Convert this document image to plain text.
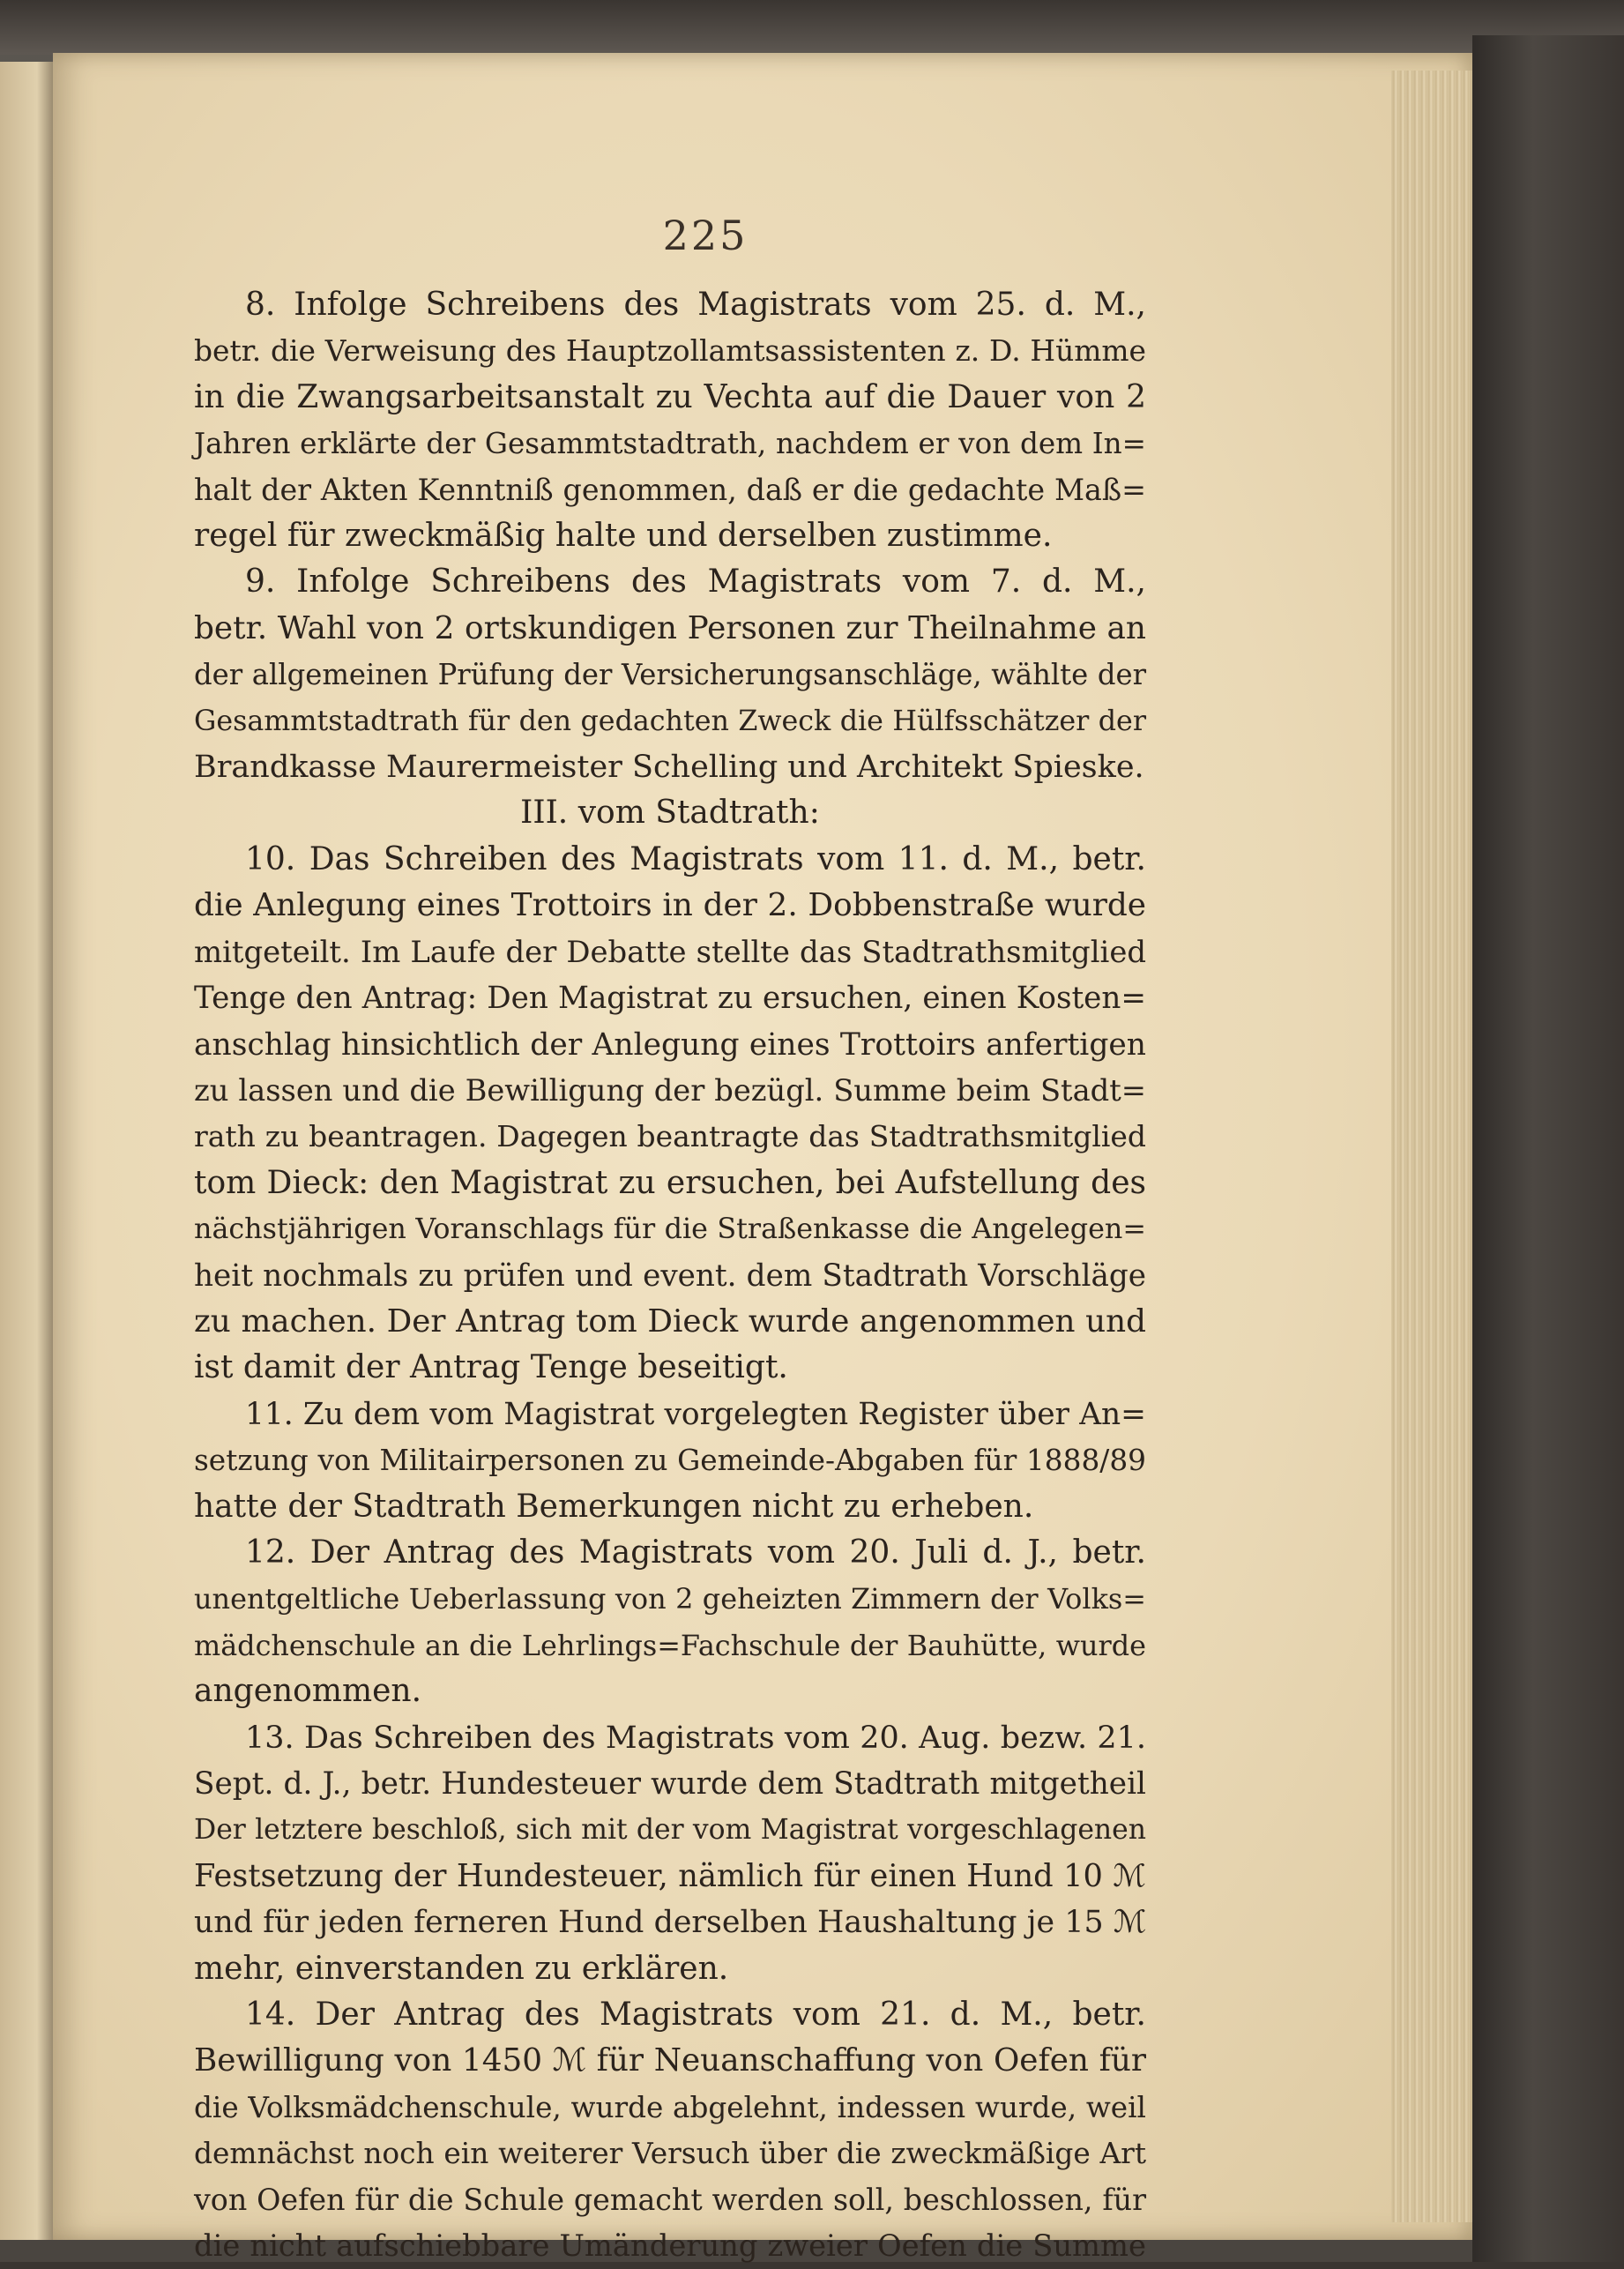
225
8. Infolge Schreibens des Magistrats vom 25. d. M.,
betr. die Verweisung des Hauptzollamtsassistenten z. D. Hümme
in die Zwangsarbeitsanstalt zu Vechta auf die Dauer von 2
Jahren erklärte der Gesammtstadtrath, nachdem er von dem In=
halt der Akten Kenntniß genommen, daß er die gedachte Maß=
regel für zweckmäßig halte und derselben zustimme.
9. Infolge Schreibens des Magistrats vom 7. d. M.,
betr. Wahl von 2 ortskundigen Personen zur Theilnahme an
der allgemeinen Prüfung der Versicherungsanschläge, wählte der
Gesammtstadtrath für den gedachten Zweck die Hülfsschätzer der
Brandkasse Maurermeister Schelling und Architekt Spieske.
III. vom Stadtrath:
10. Das Schreiben des Magistrats vom 11. d. M., betr.
die Anlegung eines Trottoirs in der 2. Dobbenstraße wurde
mitgeteilt. Im Laufe der Debatte stellte das Stadtrathsmitglied
Tenge den Antrag: Den Magistrat zu ersuchen, einen Kosten=
anschlag hinsichtlich der Anlegung eines Trottoirs anfertigen
zu lassen und die Bewilligung der bezügl. Summe beim Stadt=
rath zu beantragen. Dagegen beantragte das Stadtrathsmitglied
tom Dieck: den Magistrat zu ersuchen, bei Aufstellung des
nächstjährigen Voranschlags für die Straßenkasse die Angelegen=
heit nochmals zu prüfen und event. dem Stadtrath Vorschläge
zu machen. Der Antrag tom Dieck wurde angenommen und
ist damit der Antrag Tenge beseitigt.
11. Zu dem vom Magistrat vorgelegten Register über An=
setzung von Militairpersonen zu Gemeinde-Abgaben für 1888/89
hatte der Stadtrath Bemerkungen nicht zu erheben.
12. Der Antrag des Magistrats vom 20. Juli d. J., betr.
unentgeltliche Ueberlassung von 2 geheizten Zimmern der Volks=
mädchenschule an die Lehrlings=Fachschule der Bauhütte, wurde
angenommen.
13. Das Schreiben des Magistrats vom 20. Aug. bezw. 21.
Sept. d. J., betr. Hundesteuer wurde dem Stadtrath mitgetheil
Der letztere beschloß, sich mit der vom Magistrat vorgeschlagenen
Festsetzung der Hundesteuer, nämlich für einen Hund 10 ℳ
und für jeden ferneren Hund derselben Haushaltung je 15 ℳ
mehr, einverstanden zu erklären.
14. Der Antrag des Magistrats vom 21. d. M., betr.
Bewilligung von 1450 ℳ für Neuanschaffung von Oefen für
die Volksmädchenschule, wurde abgelehnt, indessen wurde, weil
demnächst noch ein weiterer Versuch über die zweckmäßige Art
von Oefen für die Schule gemacht werden soll, beschlossen, für
die nicht aufschiebbare Umänderung zweier Oefen die Summe
